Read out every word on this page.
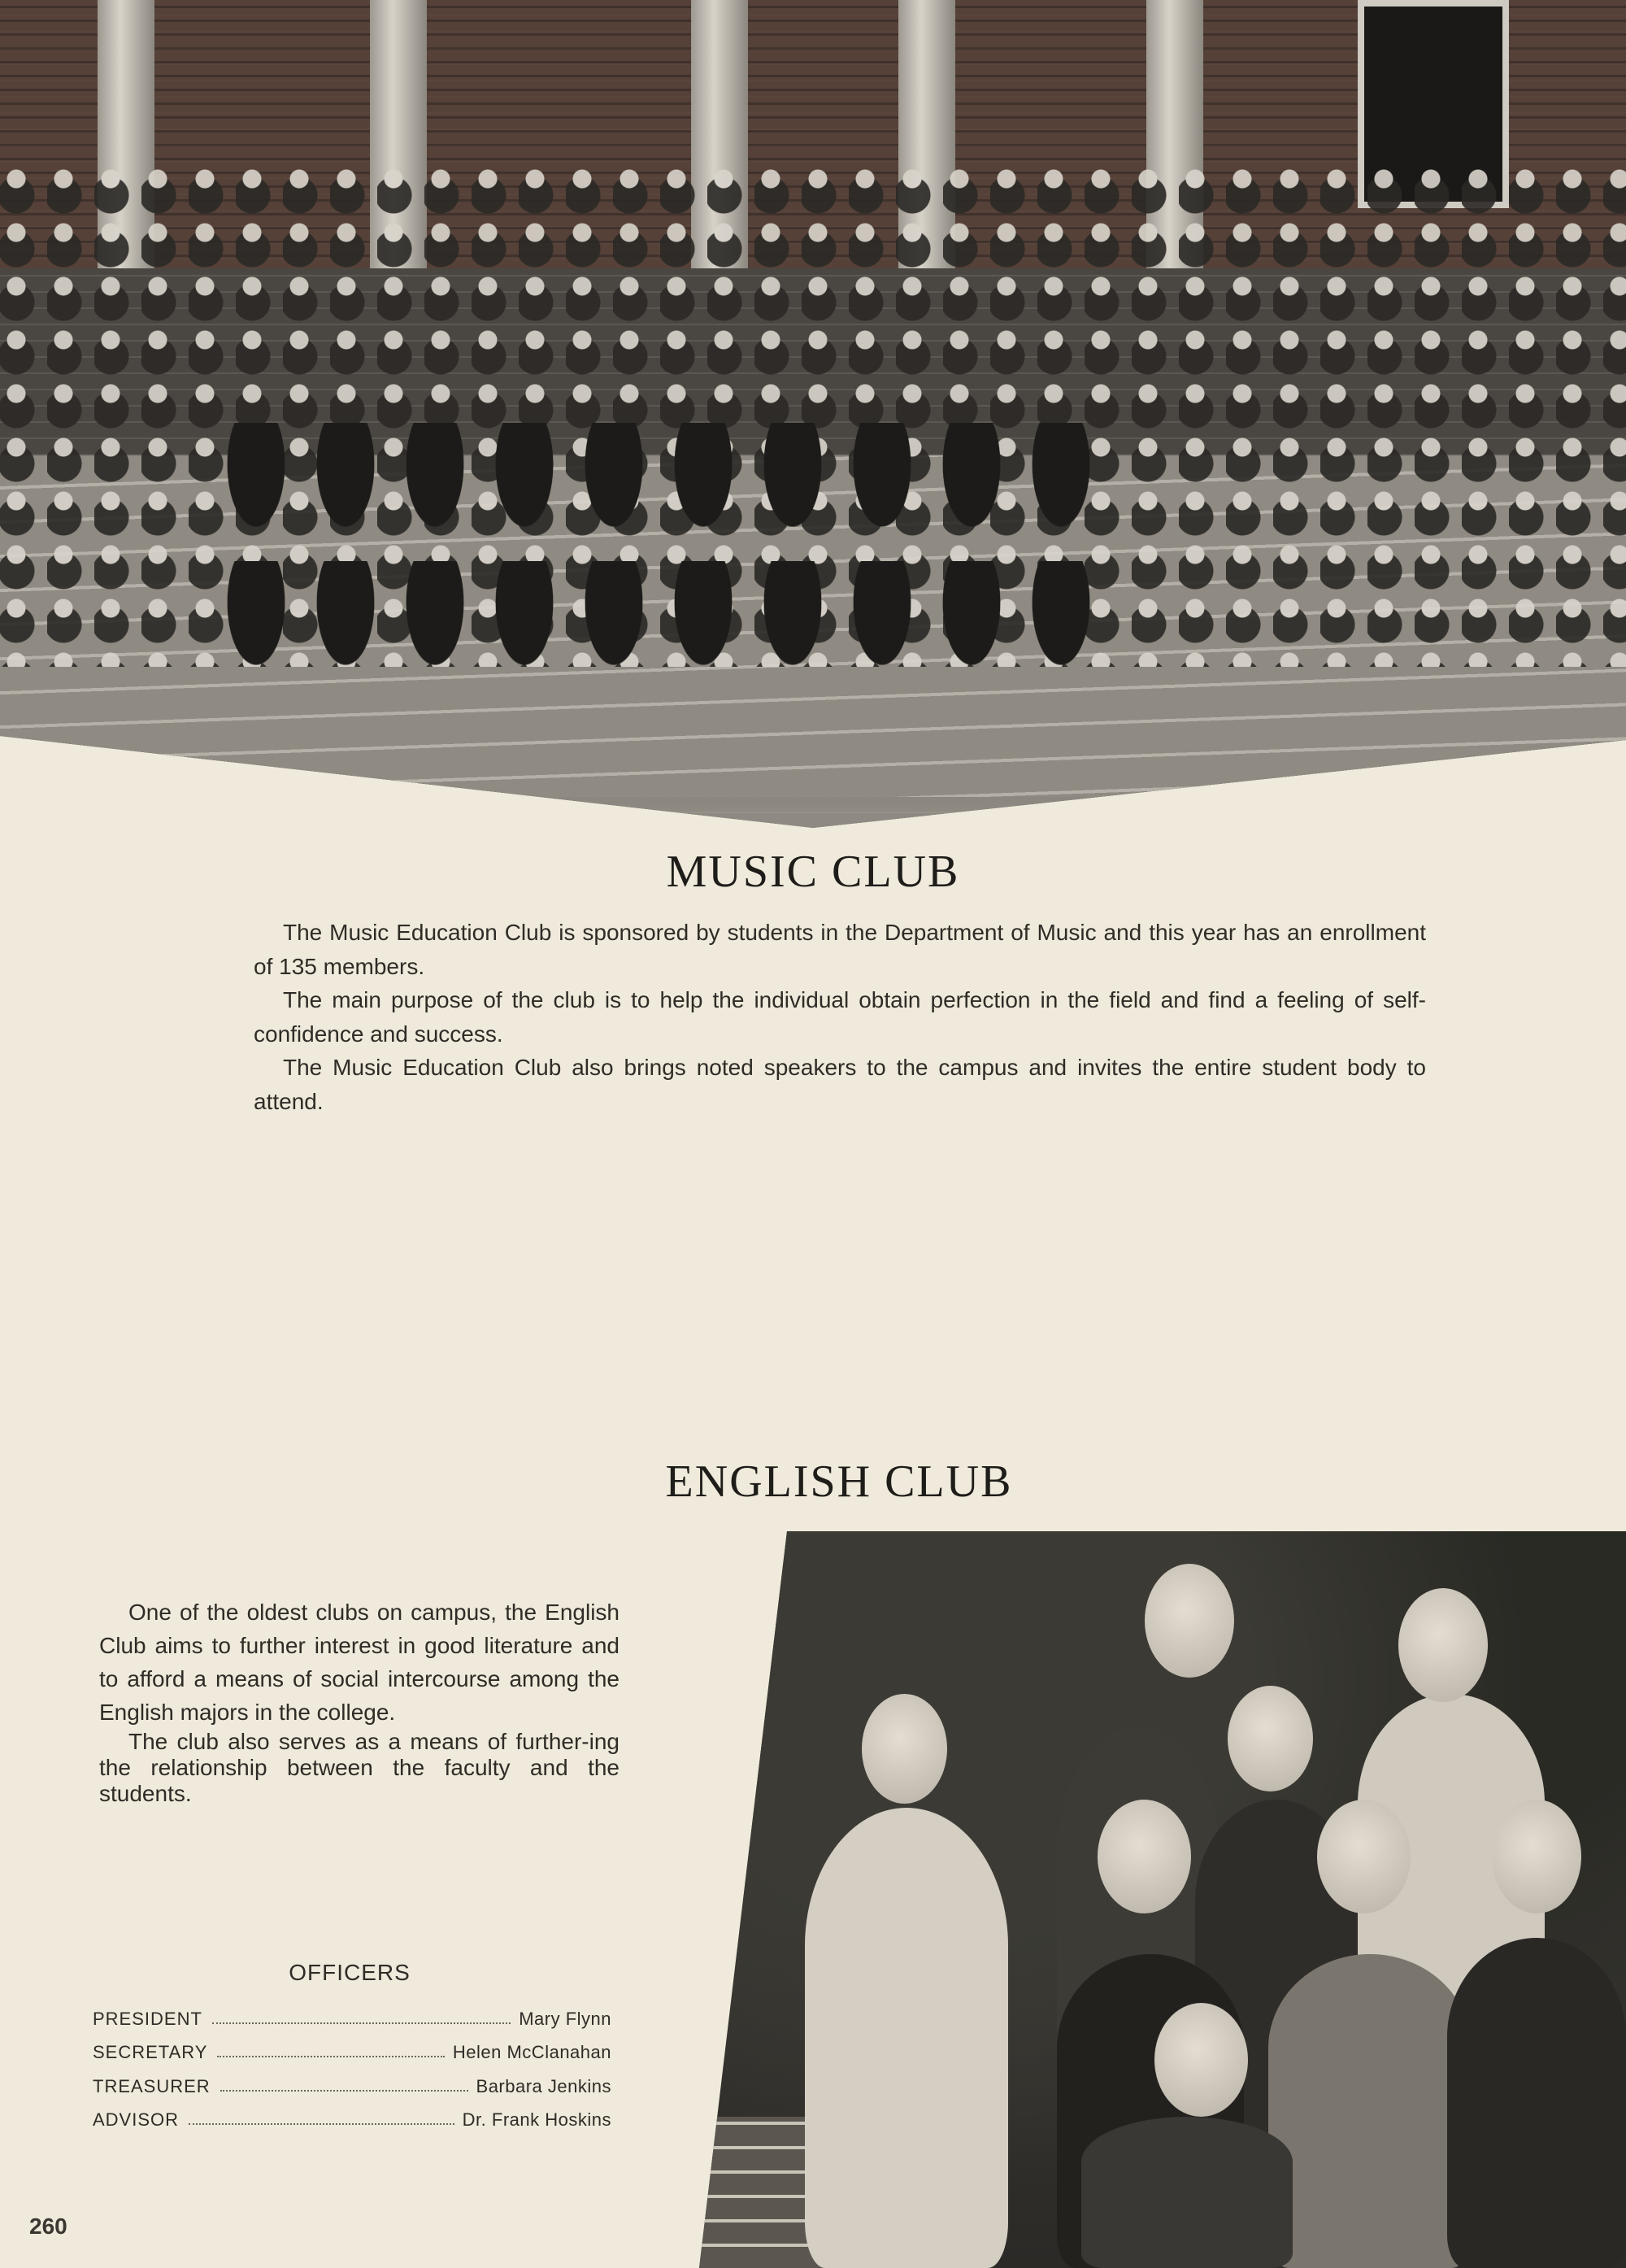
MUSIC CLUB

The Music Education Club is sponsored by students in the Department of Music and this year has an enrollment of 135 members.

The main purpose of the club is to help the individual obtain perfection in the field and find a feeling of self-confidence and success.

The Music Education Club also brings noted speakers to the campus and invites the entire student body to attend.

ENGLISH CLUB

One of the oldest clubs on campus, the English Club aims to further interest in good literature and to afford a means of social intercourse among the English majors in the college.

The club also serves as a means of further-ing the relationship between the faculty and the students.

OFFICERS
PRESIDENT	Mary Flynn
SECRETARY	Helen McClanahan
TREASURER	Barbara Jenkins
ADVISOR	Dr. Frank Hoskins
260
